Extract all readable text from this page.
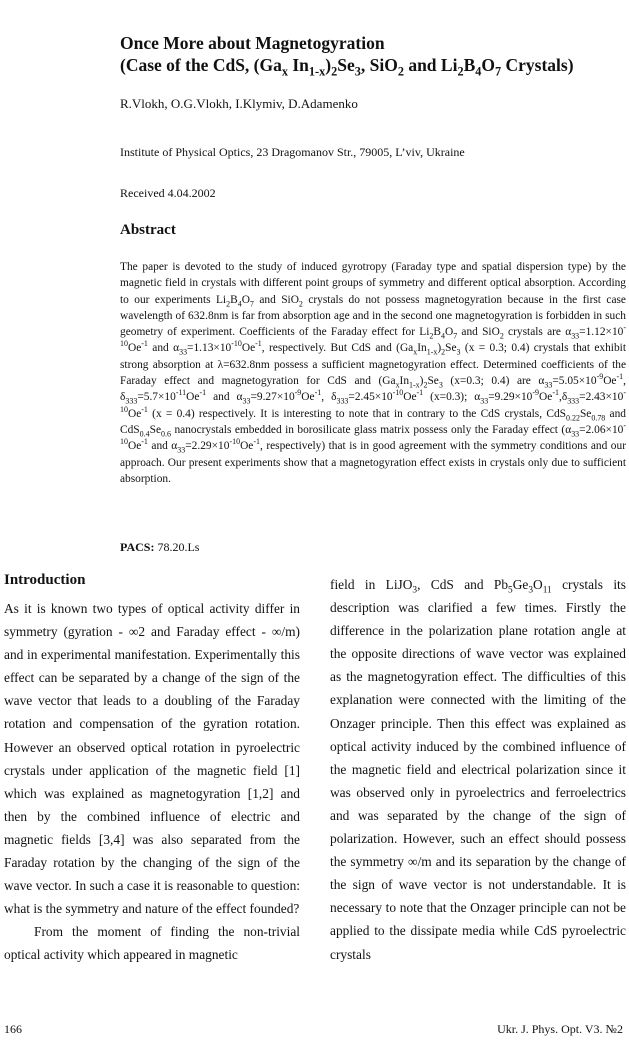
Once More about Magnetogyration
(Case of the CdS, ($Ga_x$ $In_{1-x})_2Se_3$, SiO$_2$ and $Li_2B_4O_7$ Crystals)

R.Vlokh, O.G.Vlokh, I.Klymiv, D.Adamenko

Institute of Physical Optics, 23 Dragomanov Str., 79005, L’viv, Ukraine

Received 4.04.2002

Abstract

The paper is devoted to the study of induced gyrotropy (Faraday type and spatial dispersion type) by the magnetic field in crystals with different point groups of symmetry and different optical absorption. According to our experiments $Li_2B_4O_7$ and SiO$_2$ crystals do not possess magnetogyration because in the first case wavelength of 632.8nm is far from absorption age and in the second one magnetogyration is forbidden in such geometry of experiment. Coefficients of the Faraday effect for $Li_2B_4O_7$ and SiO$_2$ crystals are $\alpha_{33}=1.12\times 10^{-10}Oe^{-1}$ and $\alpha_{33}=1.13\times 10^{-10}Oe^{-1}$, respectively. But CdS and $(Ga_xIn_{1-x})_2Se_3$ (x = 0.3; 0.4) crystals that exhibit strong absorption at λ=632.8nm possess a sufficient magnetogyration effect. Determined coefficients of the Faraday effect and magnetogyration for CdS and $(Ga_xIn_{1-x})_2Se_3$ (x=0.3; 0.4) are $\alpha_{33}=5.05\times 10^{-9}Oe^{-1}$, $\delta_{333}=5.7\times 10^{-11}Oe^{-1}$ and $\alpha_{33}=9.27\times 10^{-9}Oe^{-1}$, $\delta_{333}=2.45\times 10^{-10}Oe^{-1}$ (x=0.3); $\alpha_{33}=9.29\times 10^{-9}Oe^{-1},\delta_{333}=2.43\times 10^{-10}Oe^{-1}$ (x = 0.4) respectively. It is interesting to note that in contrary to the CdS crystals, $CdS_{0.22}Se_{0.78}$ and $CdS_{0.4}Se_{0.6}$ nanocrystals embedded in borosilicate glass matrix possess only the Faraday effect ($\alpha_{33}=2.06\times 10^{-10}Oe^{-1}$ and $\alpha_{33}=2.29\times 10^{-10}Oe^{-1}$, respectively) that is in good agreement with the symmetry conditions and our approach. Our present experiments show that a magnetogyration effect exists in crystals only due to sufficient absorption.

PACS: 78.20.Ls

Introduction

As it is known two types of optical activity differ in symmetry (gyration - ∞2 and Faraday effect - ∞/m) and in experimental manifestation. Experimentally this effect can be separated by a change of the sign of the wave vector that leads to a doubling of the Faraday rotation and compensation of the gyration rotation. However an observed optical rotation in pyroelectric crystals under application of the magnetic field [1] which was explained as magnetogyration [1,2] and then by the combined influence of electric and magnetic fields [3,4] was also separated from the Faraday rotation by the changing of the sign of the wave vector. In such a case it is reasonable to question: what is the symmetry and nature of the effect founded?

From the moment of finding the non-trivial optical activity which appeared in magnetic

field in LiJO$_3$, CdS and $Pb_5Ge_3O_{11}$ crystals its description was clarified a few times. Firstly the difference in the polarization plane rotation angle at the opposite directions of wave vector was explained as the magnetogyration effect. The difficulties of this explanation were connected with the limiting of the Onzager principle. Then this effect was explained as optical activity induced by the combined influence of the magnetic field and electrical polarization since it was observed only in pyroelectrics and ferroelectrics and was separated by the change of the sign of polarization. However, such an effect should possess the symmetry ∞/m and its separation by the change of the sign of wave vector is not understandable. It is necessary to note that the Onzager principle can not be applied to the dissipate media while CdS pyroelectric crystals

166	Ukr. J. Phys. Opt. V3. №2
